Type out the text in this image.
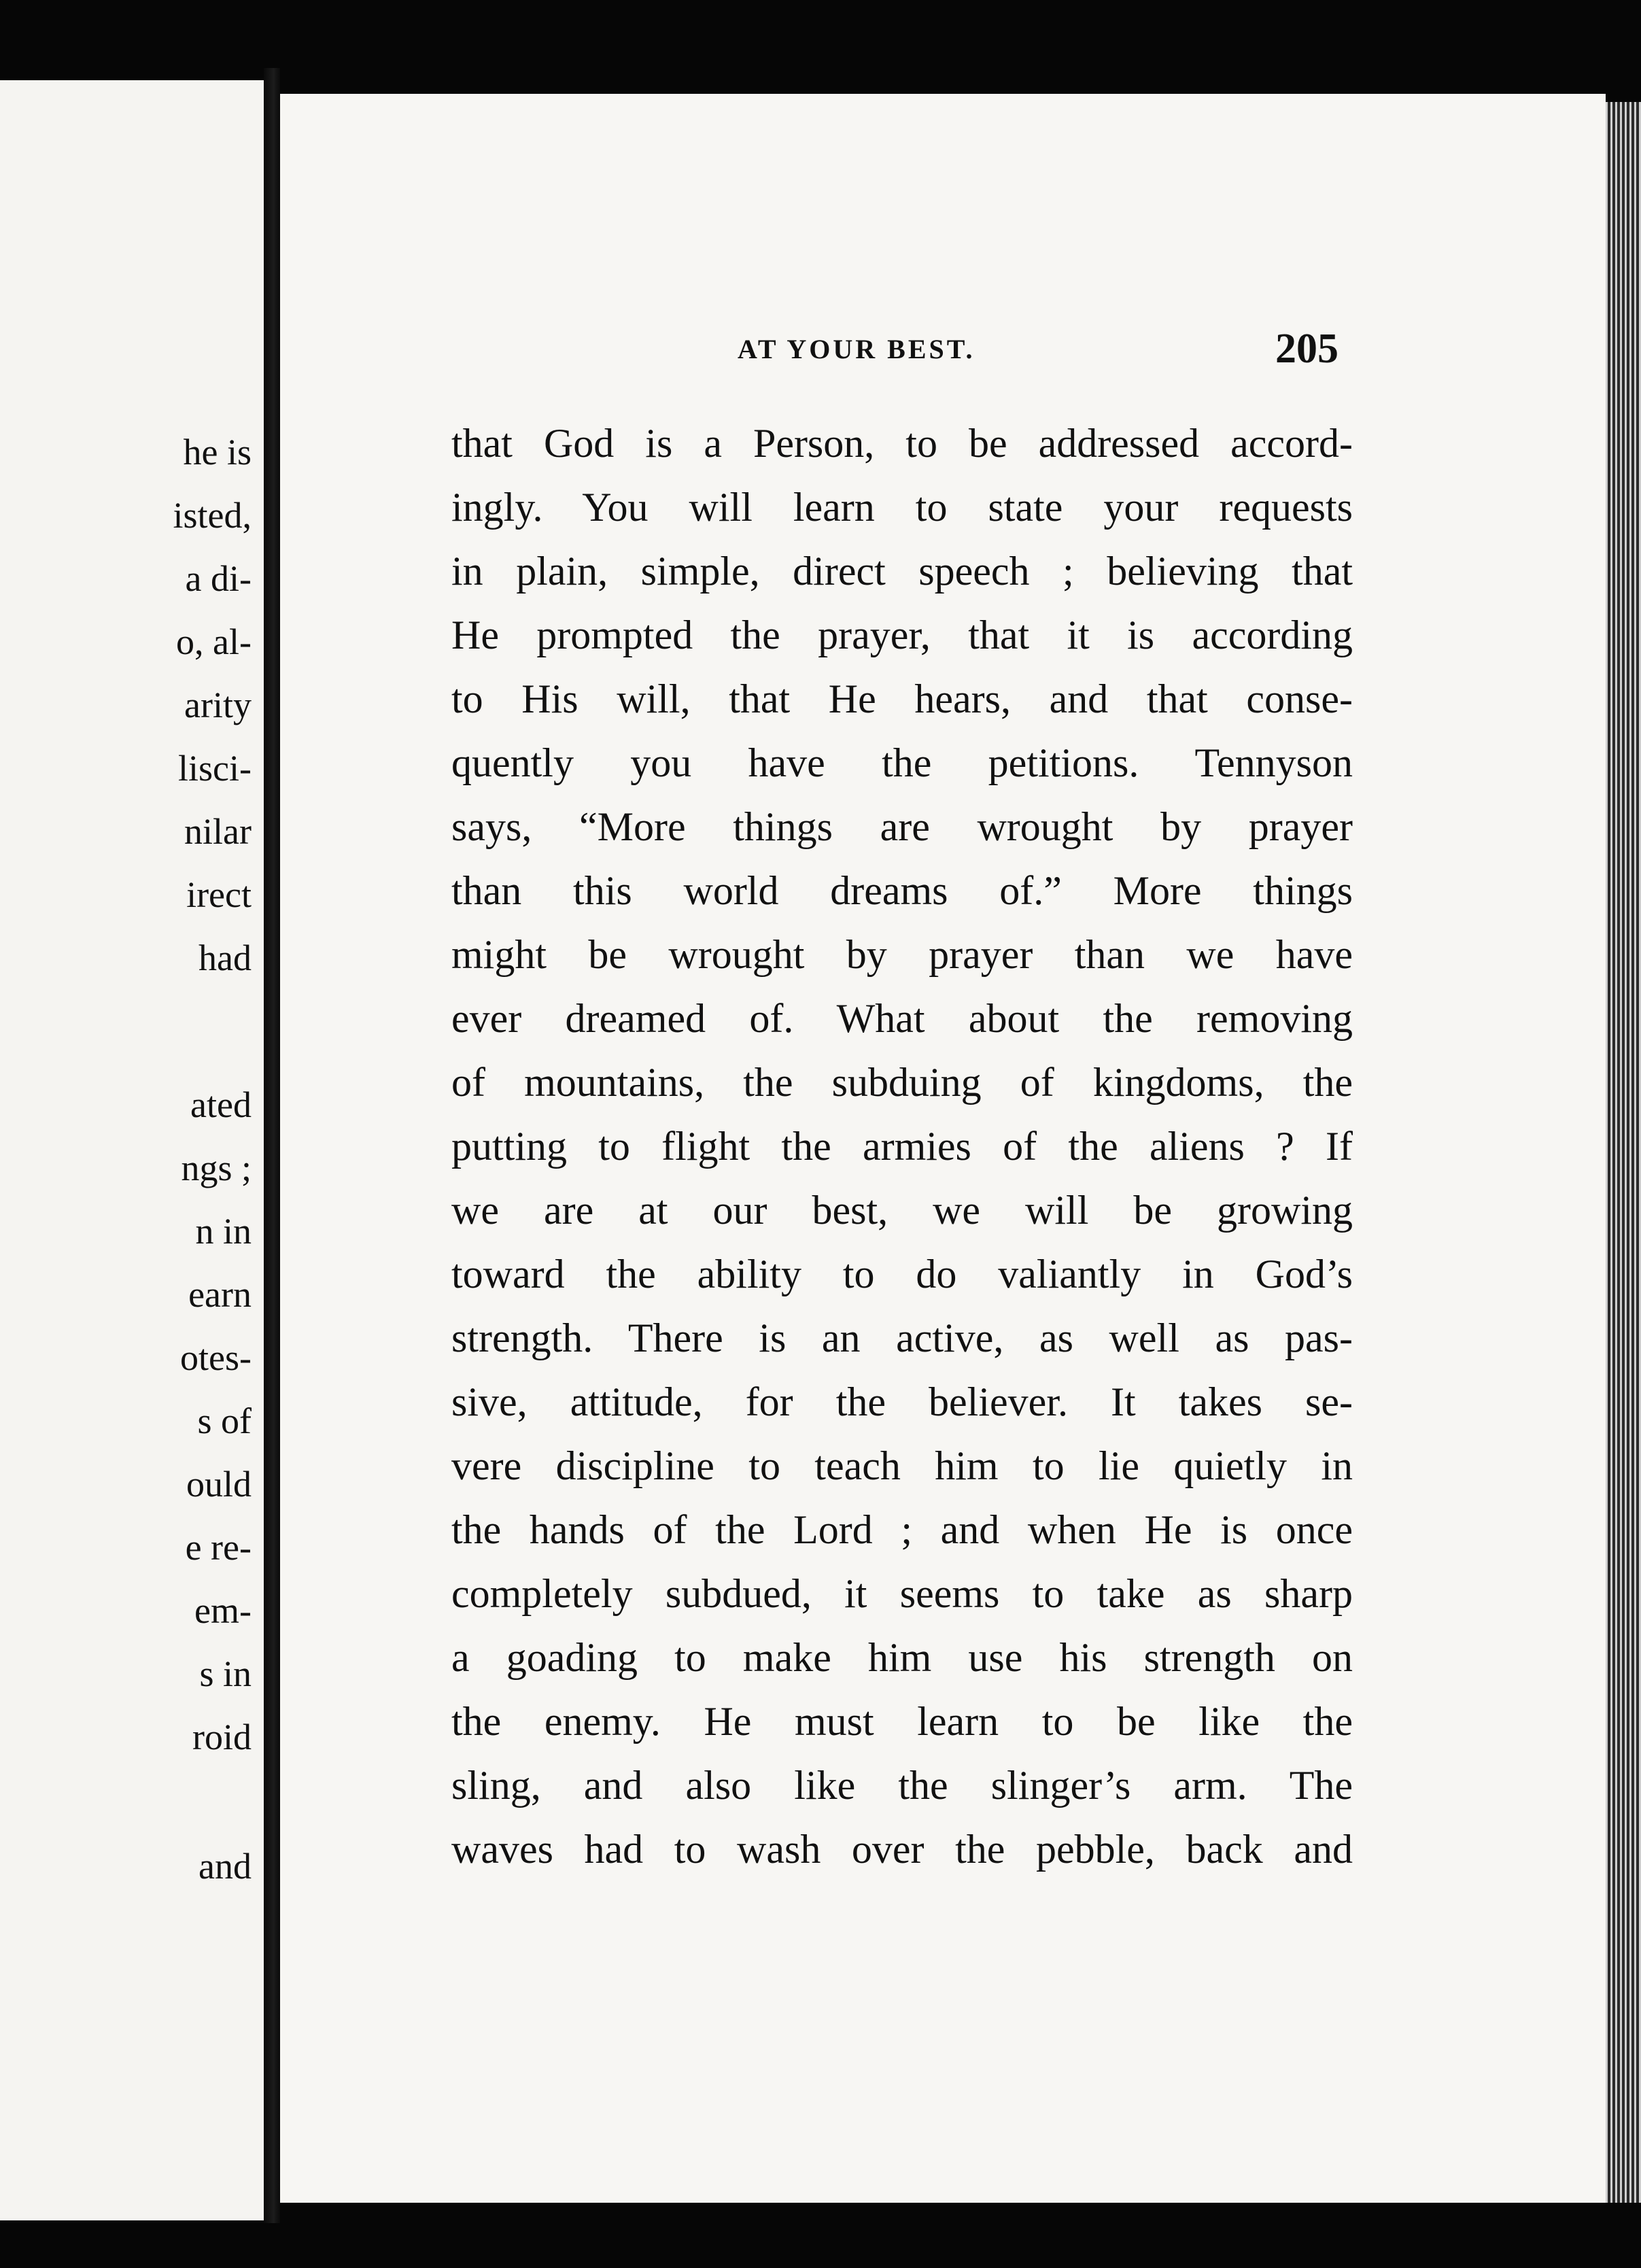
he is

isted,

a di-

o, al-

arity

lisci-

nilar

irect

had

ated

ngs ;

n in

earn

otes-

s of

ould

e re-

em-

s in

roid

and

AT YOUR BEST.	205

that God is a Person, to be addressed accord-
ingly. You will learn to state your requests
in plain, simple, direct speech ; believing that
He prompted the prayer, that it is according
to His will, that He hears, and that conse-
quently you have the petitions. Tennyson
says, “More things are wrought by prayer
than this world dreams of.” More things
might be wrought by prayer than we have
ever dreamed of. What about the removing
of mountains, the subduing of kingdoms, the
putting to flight the armies of the aliens ? If
we are at our best, we will be growing
toward the ability to do valiantly in God’s
strength. There is an active, as well as pas-
sive, attitude, for the believer. It takes se-
vere discipline to teach him to lie quietly in
the hands of the Lord ; and when He is once
completely subdued, it seems to take as sharp
a goading to make him use his strength on
the enemy. He must learn to be like the
sling, and also like the slinger’s arm. The
waves had to wash over the pebble, back and
